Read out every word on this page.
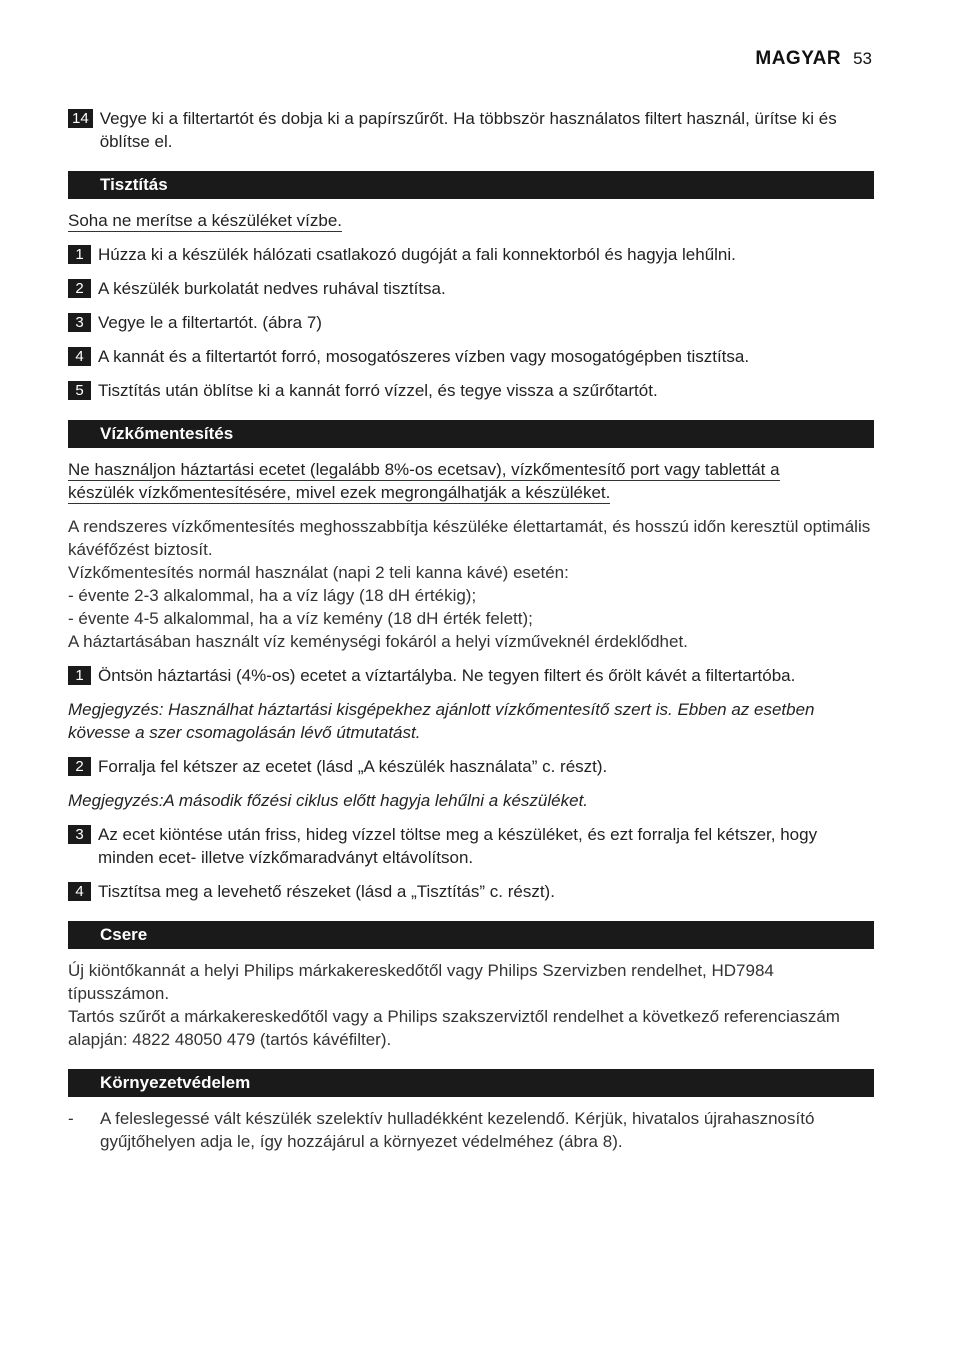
MAGYAR 53
14 Vegye ki a filtertartót és dobja ki a papírszűrőt. Ha többször használatos filtert használ, ürítse ki és öblítse el.
Tisztítás
Soha ne merítse a készüléket vízbe.
1 Húzza ki a készülék hálózati csatlakozó dugóját a fali konnektorból és hagyja lehűlni.
2 A készülék burkolatát nedves ruhával tisztítsa.
3 Vegye le a filtertartót. (ábra 7)
4 A kannát és a filtertartót forró, mosogatószeres vízben vagy mosogatógépben tisztítsa.
5 Tisztítás után öblítse ki a kannát forró vízzel, és tegye vissza a szűrőtartót.
Vízkőmentesítés
Ne használjon háztartási ecetet (legalább 8%-os ecetsav), vízkőmentesítő port vagy tablettát a
készülék vízkőmentesítésére, mivel ezek megrongálhatják a készüléket.
A rendszeres vízkőmentesítés meghosszabbítja készüléke élettartamát, és hosszú időn keresztül optimális kávéfőzést biztosít.
Vízkőmentesítés normál használat (napi 2 teli kanna kávé) esetén:
- évente 2-3 alkalommal, ha a víz lágy (18 dH értékig);
- évente 4-5 alkalommal, ha a víz kemény (18 dH érték felett);
A háztartásában használt víz keménységi fokáról a helyi vízműveknél érdeklődhet.
1 Öntsön háztartási (4%-os) ecetet a víztartályba. Ne tegyen filtert és őrölt kávét a filtertartóba.
Megjegyzés: Használhat háztartási kisgépekhez ajánlott vízkőmentesítő szert is. Ebben az esetben kövesse a szer csomagolásán lévő útmutatást.
2 Forralja fel kétszer az ecetet (lásd „A készülék használata” c. részt).
Megjegyzés:A második főzési ciklus előtt hagyja lehűlni a készüléket.
3 Az ecet kiöntése után friss, hideg vízzel töltse meg a készüléket, és ezt forralja fel kétszer, hogy minden ecet- illetve vízkőmaradványt eltávolítson.
4 Tisztítsa meg a levehető részeket (lásd a „Tisztítás” c. részt).
Csere
Új kiöntőkannát a helyi Philips márkakereskedőtől vagy Philips Szervizben rendelhet, HD7984 típusszámon.
Tartós szűrőt a márkakereskedőtől vagy a Philips szakszerviztől rendelhet a következő referenciaszám alapján: 4822 48050 479 (tartós kávéfilter).
Környezetvédelem
-	A feleslegessé vált készülék szelektív hulladékként kezelendő. Kérjük, hivatalos újrahasznosító gyűjtőhelyen adja le, így hozzájárul a környezet védelméhez (ábra 8).
